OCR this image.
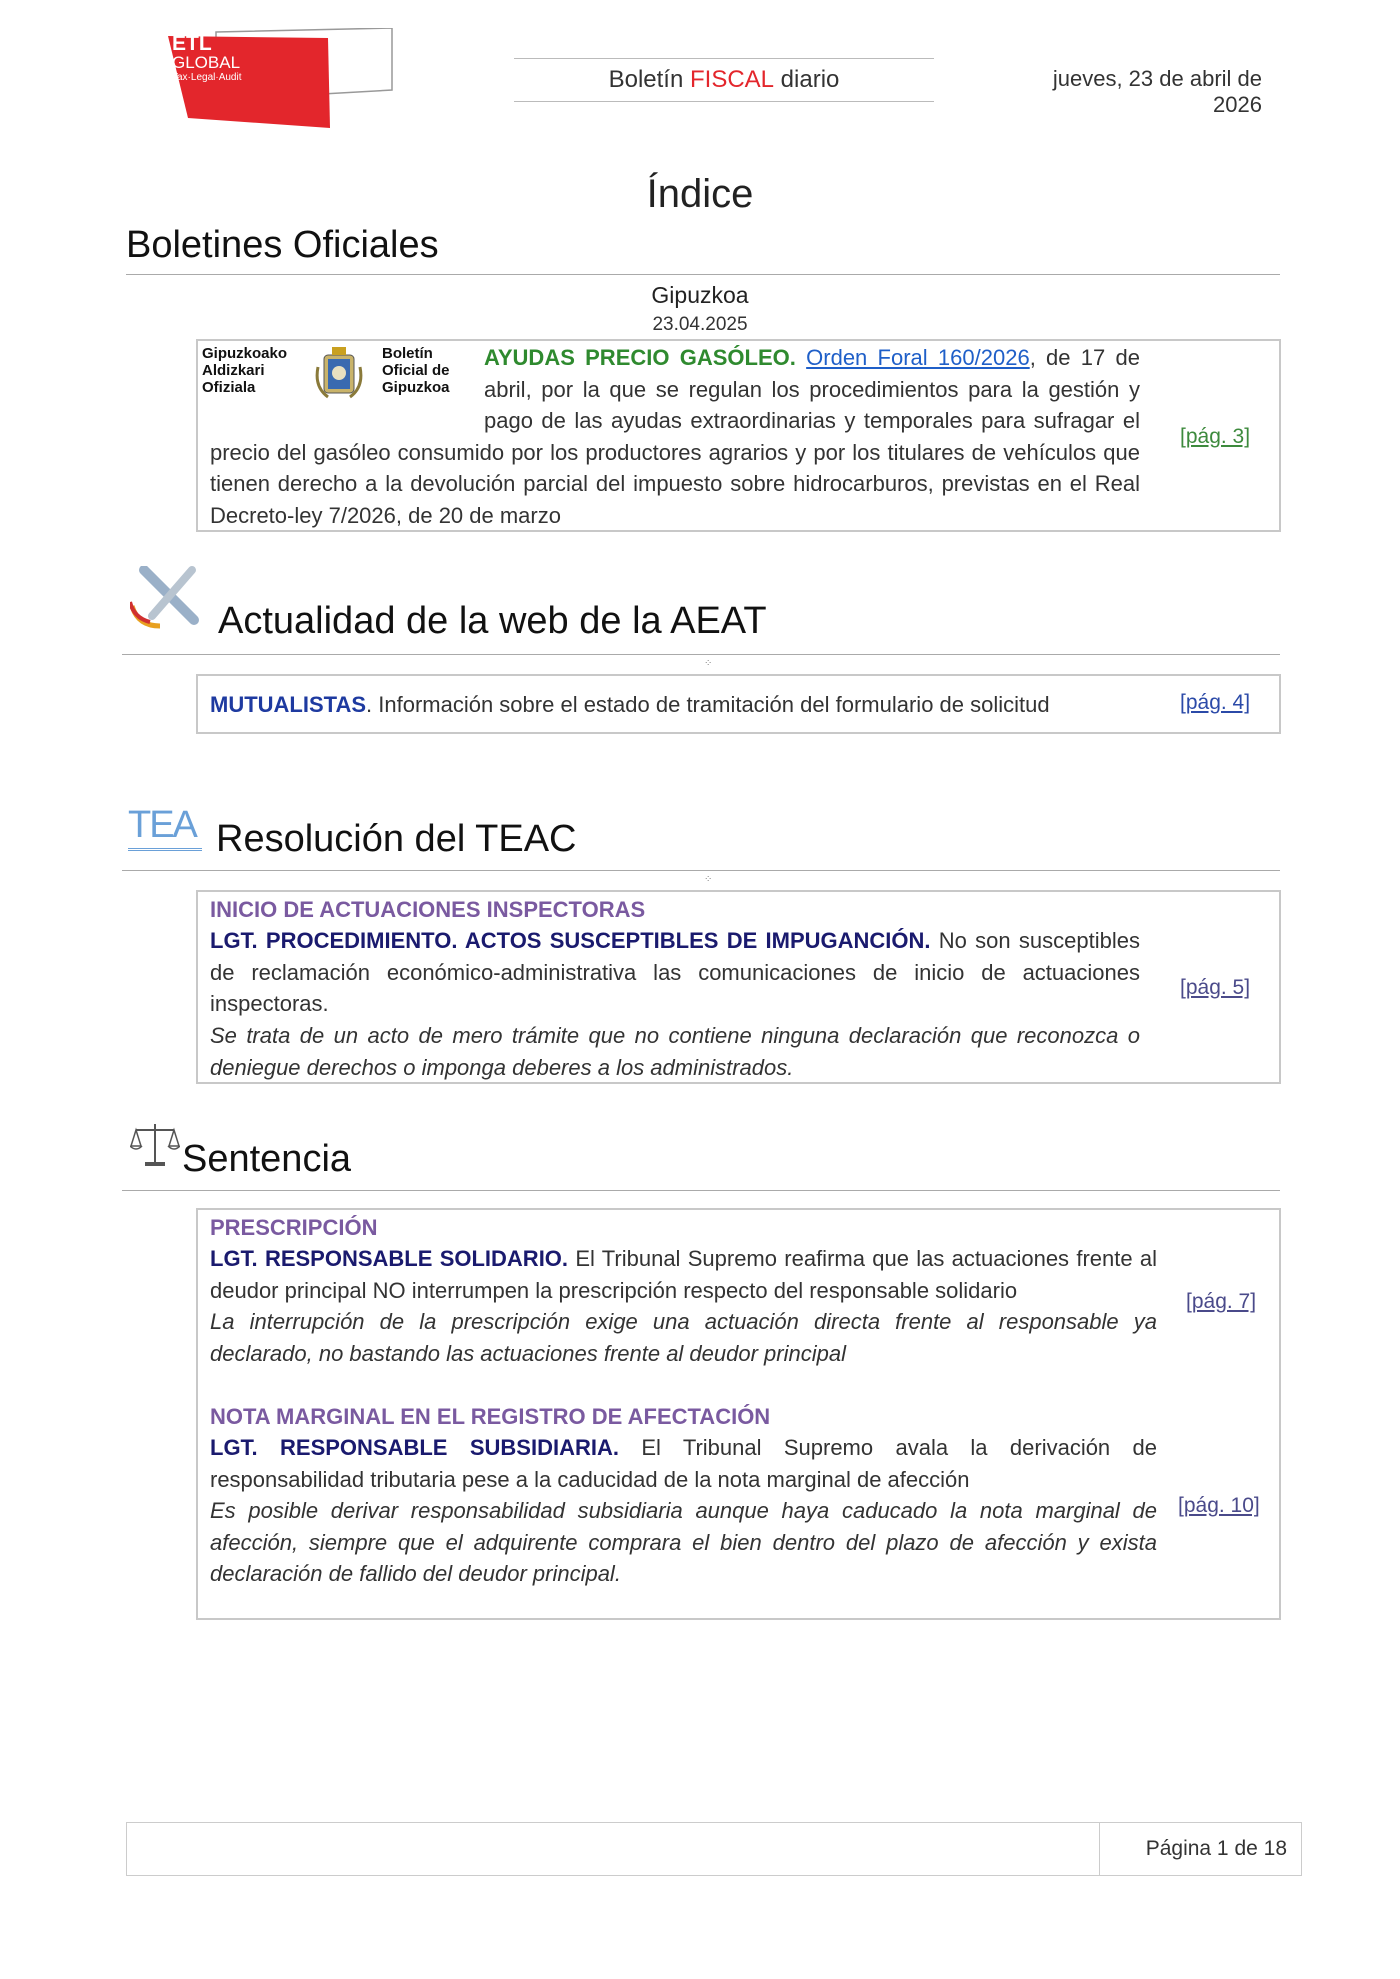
ETL
GLOBAL
Tax·Legal·Audit	Boletín FISCAL diario	jueves, 23 de abril de 2026
Índice
Boletines Oficiales
Gipuzkoa
23.04.2025
Gipuzkoako
Aldizkari
Ofiziala
Boletín
Oficial de
Gipuzkoa
AYUDAS PRECIO GASÓLEO. Orden Foral 160/2026, de 17 de abril, por la que se regulan los procedimientos para la gestión y pago de las ayudas extraordinarias y temporales para sufragar el precio del gasóleo consumido por los productores agrarios y por los titulares de vehículos que tienen derecho a la devolución parcial del impuesto sobre hidrocarburos, previstas en el Real Decreto-ley 7/2026, de 20 de marzo
[pág. 3]
Actualidad de la web de la AEAT
⁘
MUTUALISTAS. Información sobre el estado de tramitación del formulario de solicitud	[pág. 4]
TEA Resolución del TEAC
⁘
INICIO DE ACTUACIONES INSPECTORAS
LGT. PROCEDIMIENTO. ACTOS SUSCEPTIBLES DE IMPUGANCIÓN. No son susceptibles de reclamación económico-administrativa las comunicaciones de inicio de actuaciones inspectoras.
Se trata de un acto de mero trámite que no contiene ninguna declaración que reconozca o deniegue derechos o imponga deberes a los administrados.
[pág. 5]
Sentencia
PRESCRIPCIÓN
LGT. RESPONSABLE SOLIDARIO. El Tribunal Supremo reafirma que las actuaciones frente al deudor principal NO interrumpen la prescripción respecto del responsable solidario
La interrupción de la prescripción exige una actuación directa frente al responsable ya declarado, no bastando las actuaciones frente al deudor principal
[pág. 7]
NOTA MARGINAL EN EL REGISTRO DE AFECTACIÓN
LGT. RESPONSABLE SUBSIDIARIA. El Tribunal Supremo avala la derivación de responsabilidad tributaria pese a la caducidad de la nota marginal de afección
Es posible derivar responsabilidad subsidiaria aunque haya caducado la nota marginal de afección, siempre que el adquirente comprara el bien dentro del plazo de afección y exista declaración de fallido del deudor principal.
[pág. 10]
Página 1 de 18
